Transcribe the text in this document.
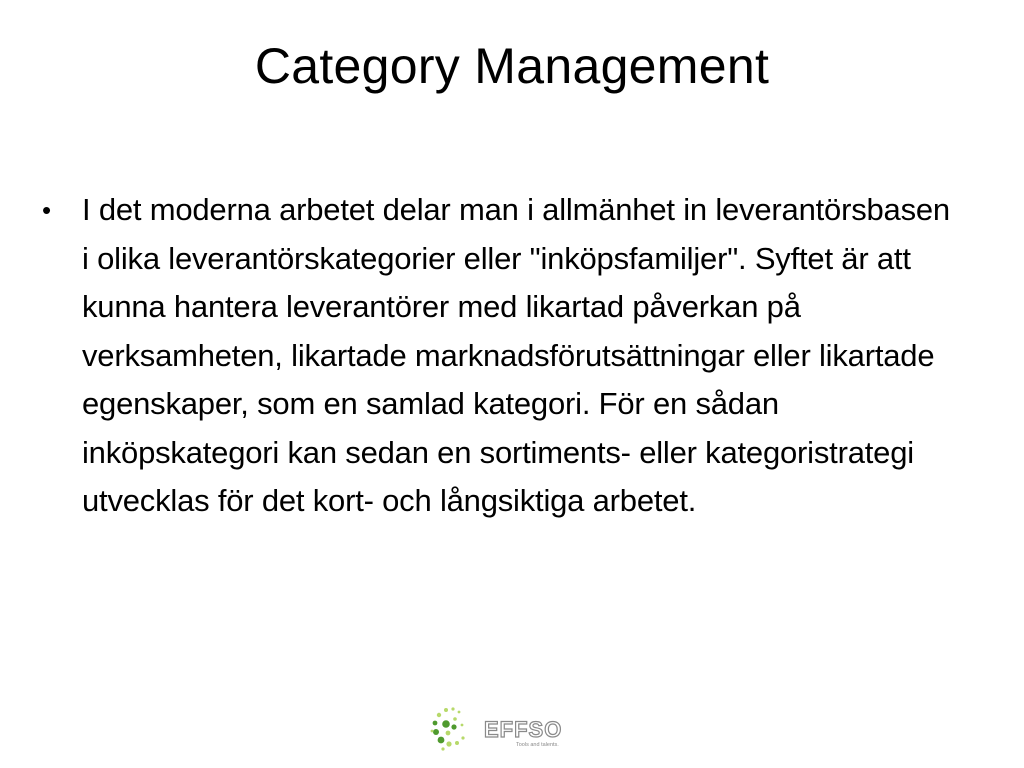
Category Management
•	I det moderna arbetet delar man i allmänhet in leverantörsbasen i olika leverantörskategorier eller "inköpsfamiljer". Syftet är att kunna hantera leverantörer med likartad påverkan på verksamheten, likartade marknadsförutsättningar eller likartade egenskaper, som en samlad kategori. För en sådan inköpskategori kan sedan en sortiments- eller kategoristrategi utvecklas för det kort- och långsiktiga arbetet.
EFFSO
Tools and talents.
